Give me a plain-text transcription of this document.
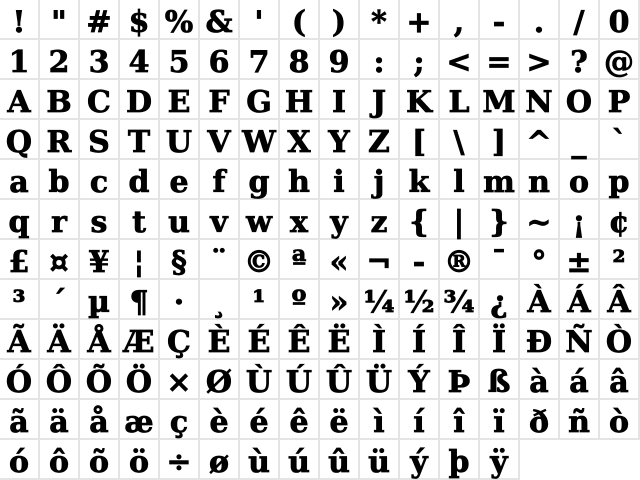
! " # $ % & ' ( ) * + , - . / 0
1 2 3 4 5 6 7 8 9 : ; < = > ? @
A B C D E F G H I J K L M N O P
Q R S T U V W X Y Z [ \ ] ^ _ `
a b c d e f g h i j k l m n o p
q r s t u v w x y z { | } ~ ¡ ¢
£ ¤ ¥ ¦ § ¨ © ª « ¬ - ® ¯ ° ± ²
³ ´ µ ¶ · ¸ ¹ º » ¼ ½ ¾ ¿ À Á Â
Ã Ä Å Æ Ç È É Ê Ë Ì Í Î Ï Ð Ñ Ò
Ó Ô Õ Ö × Ø Ù Ú Û Ü Ý Þ ß à á â
ã ä å æ ç è é ê ë ì í î ï ð ñ ò
ó ô õ ö ÷ ø ù ú û ü ý þ ÿ
